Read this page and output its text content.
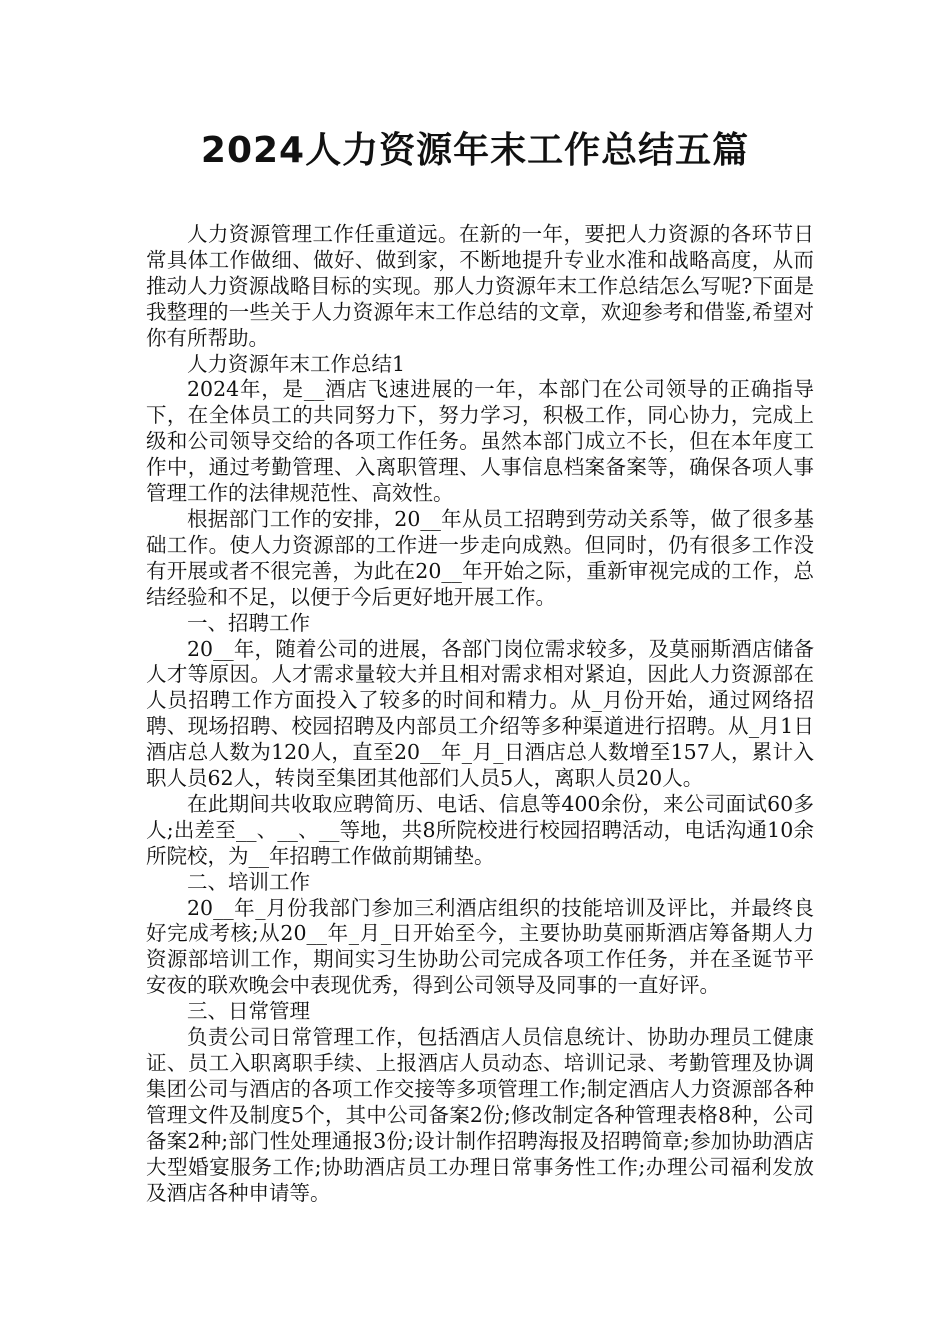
2024人力资源年末工作总结五篇

人力资源管理工作任重道远。在新的一年，要把人力资源的各环节日常具体工作做细、做好、做到家，不断地提升专业水准和战略高度，从而推动人力资源战略目标的实现。那人力资源年末工作总结怎么写呢?下面是我整理的一些关于人力资源年末工作总结的文章，欢迎参考和借鉴,希望对你有所帮助。

人力资源年末工作总结1

2024年，是__酒店飞速进展的一年，本部门在公司领导的正确指导下，在全体员工的共同努力下，努力学习，积极工作，同心协力，完成上级和公司领导交给的各项工作任务。虽然本部门成立不长，但在本年度工作中，通过考勤管理、入离职管理、人事信息档案备案等，确保各项人事管理工作的法律规范性、高效性。

根据部门工作的安排，20__年从员工招聘到劳动关系等，做了很多基础工作。使人力资源部的工作进一步走向成熟。但同时，仍有很多工作没有开展或者不很完善，为此在20__年开始之际，重新审视完成的工作，总结经验和不足，以便于今后更好地开展工作。

一、招聘工作

20__年，随着公司的进展，各部门岗位需求较多，及莫丽斯酒店储备人才等原因。人才需求量较大并且相对需求相对紧迫，因此人力资源部在人员招聘工作方面投入了较多的时间和精力。从_月份开始，通过网络招聘、现场招聘、校园招聘及内部员工介绍等多种渠道进行招聘。从_月1日酒店总人数为120人，直至20__年_月_日酒店总人数增至157人，累计入职人员62人，转岗至集团其他部们人员5人，离职人员20人。

在此期间共收取应聘简历、电话、信息等400余份，来公司面试60多人;出差至__、__、__等地，共8所院校进行校园招聘活动，电话沟通10余所院校，为__年招聘工作做前期铺垫。

二、培训工作

20__年_月份我部门参加三利酒店组织的技能培训及评比，并最终良好完成考核;从20__年_月_日开始至今，主要协助莫丽斯酒店筹备期人力资源部培训工作，期间实习生协助公司完成各项工作任务，并在圣诞节平安夜的联欢晚会中表现优秀，得到公司领导及同事的一直好评。

三、日常管理

负责公司日常管理工作，包括酒店人员信息统计、协助办理员工健康证、员工入职离职手续、上报酒店人员动态、培训记录、考勤管理及协调集团公司与酒店的各项工作交接等多项管理工作;制定酒店人力资源部各种管理文件及制度5个，其中公司备案2份;修改制定各种管理表格8种，公司备案2种;部门性处理通报3份;设计制作招聘海报及招聘简章;参加协助酒店大型婚宴服务工作;协助酒店员工办理日常事务性工作;办理公司福利发放及酒店各种申请等。
